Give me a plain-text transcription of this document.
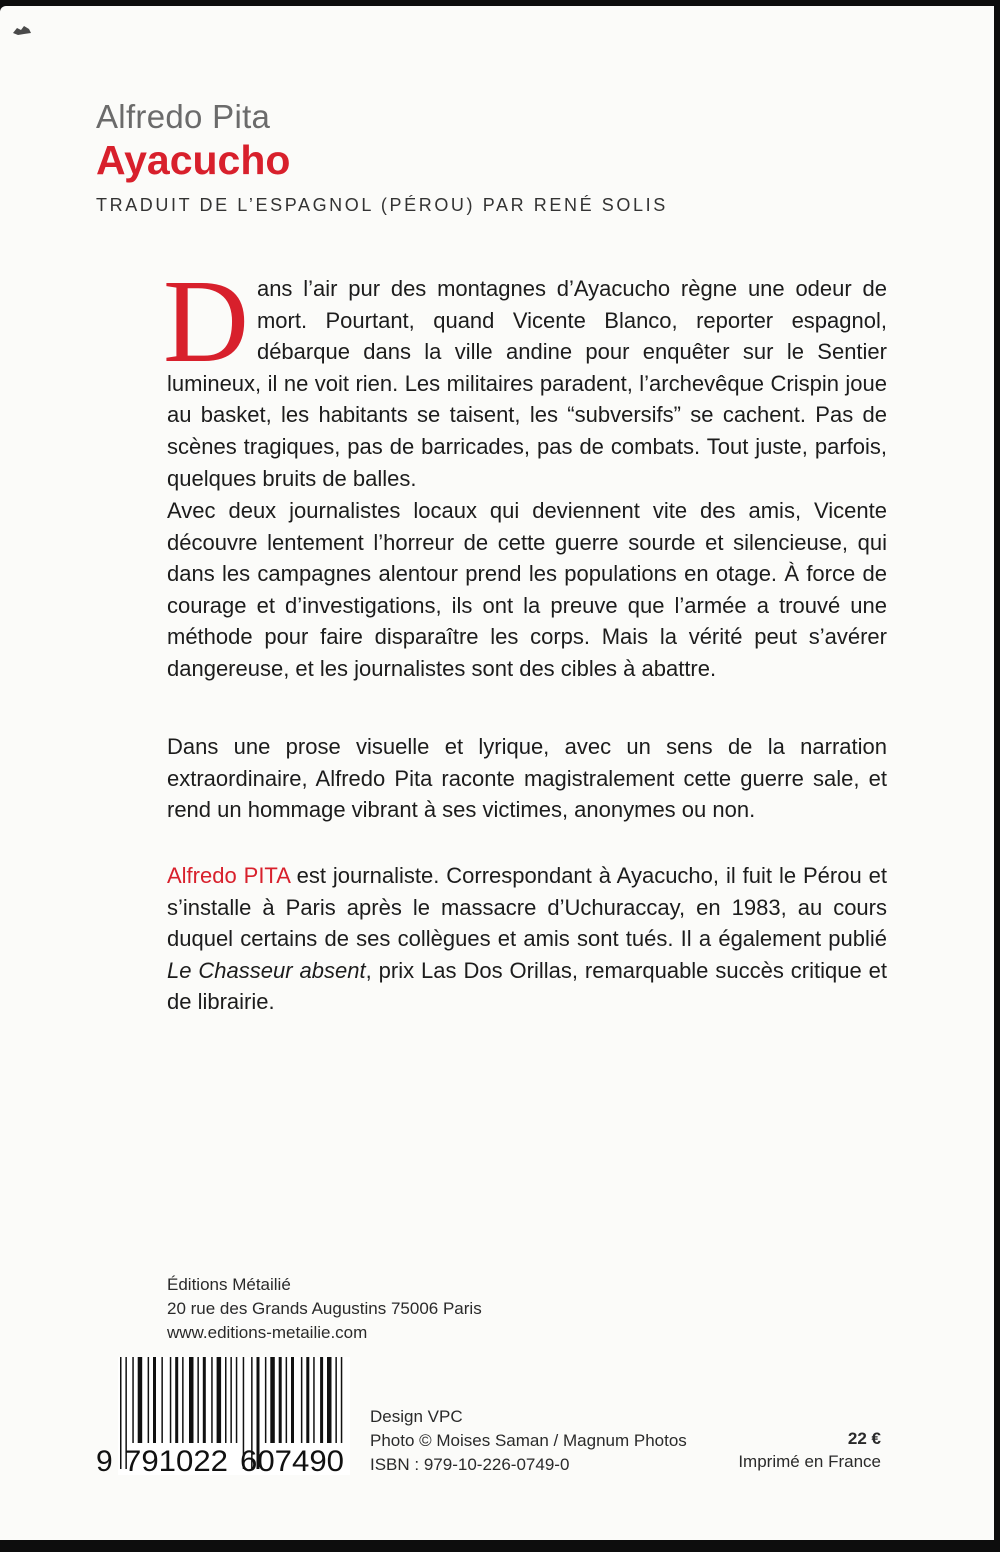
Alfredo Pita
Ayacucho
TRADUIT DE L’ESPAGNOL (PÉROU) PAR RENÉ SOLIS
Dans l’air pur des montagnes d’Ayacucho règne une odeur de mort. Pourtant, quand Vicente Blanco, reporter espagnol, débarque dans la ville andine pour enquêter sur le Sentier lumineux, il ne voit rien. Les militaires paradent, l’archevêque Crispin joue au basket, les habitants se taisent, les “subversifs” se cachent. Pas de scènes tragiques, pas de barricades, pas de combats. Tout juste, parfois, quelques bruits de balles.
Avec deux journalistes locaux qui deviennent vite des amis, Vicente découvre lentement l’horreur de cette guerre sourde et silencieuse, qui dans les campagnes alentour prend les populations en otage. À force de courage et d’investigations, ils ont la preuve que l’armée a trouvé une méthode pour faire disparaître les corps. Mais la vérité peut s’avérer dangereuse, et les journalistes sont des cibles à abattre.
Dans une prose visuelle et lyrique, avec un sens de la narration extraordinaire, Alfredo Pita raconte magistralement cette guerre sale, et rend un hommage vibrant à ses victimes, anonymes ou non.
Alfredo PITA est journaliste. Correspondant à Ayacucho, il fuit le Pérou et s’installe à Paris après le massacre d’Uchuraccay, en 1983, au cours duquel certains de ses collègues et amis sont tués. Il a également publié Le Chasseur absent, prix Las Dos Orillas, remarquable succès critique et de librairie.
Éditions Métailié
20 rue des Grands Augustins 75006 Paris
www.editions-metailie.com
9 791022 607490
Design VPC
Photo © Moises Saman / Magnum Photos
ISBN : 979-10-226-0749-0
22 €
Imprimé en France
